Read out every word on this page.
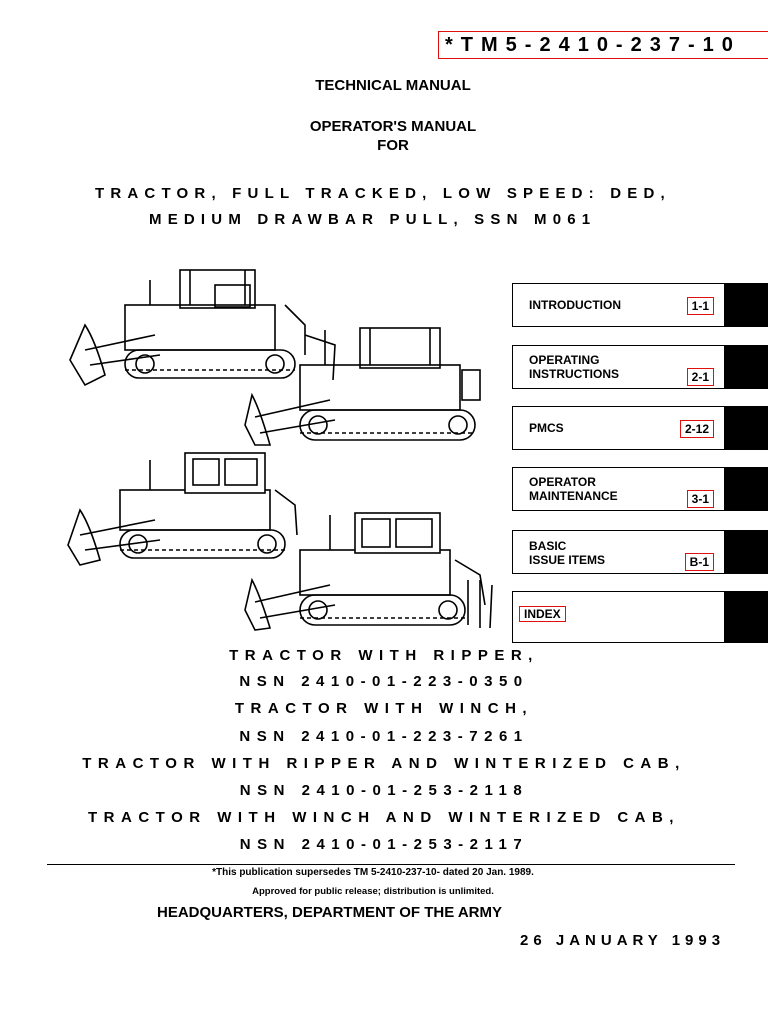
*TM5-2410-237-10
TECHNICAL MANUAL
OPERATOR'S MANUAL
FOR
TRACTOR, FULL TRACKED, LOW SPEED: DED,
MEDIUM DRAWBAR PULL, SSN M061
INTRODUCTION	1-1
OPERATING
INSTRUCTIONS	2-1
PMCS	2-12
OPERATOR
MAINTENANCE	3-1
BASIC
ISSUE ITEMS	B-1
INDEX
TRACTOR WITH RIPPER,
NSN 2410-01-223-0350
TRACTOR WITH WINCH,
NSN 2410-01-223-7261
TRACTOR WITH RIPPER AND WINTERIZED CAB,
NSN 2410-01-253-2118
TRACTOR WITH WINCH AND WINTERIZED CAB,
NSN 2410-01-253-2117
*This publication supersedes TM 5-2410-237-10- dated 20 Jan. 1989.
Approved for public release; distribution is unlimited.
HEADQUARTERS, DEPARTMENT OF THE ARMY
26 JANUARY 1993
